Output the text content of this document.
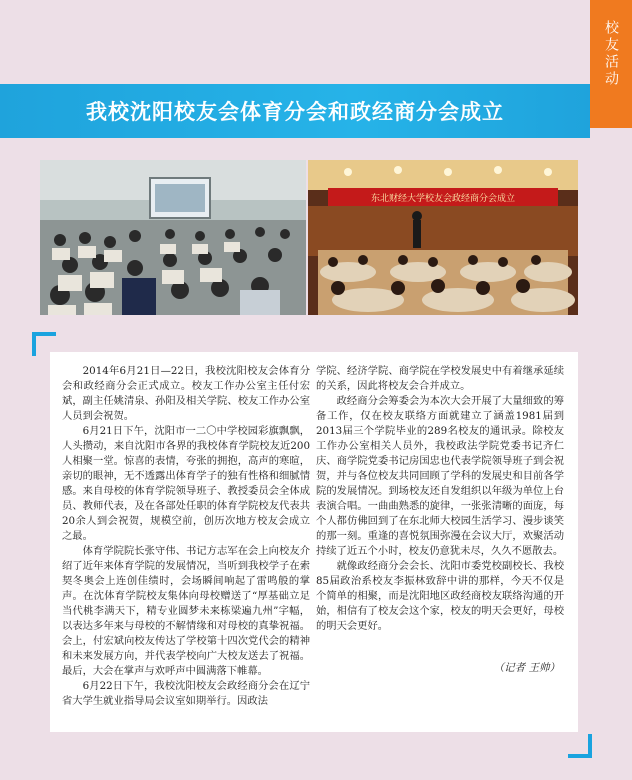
校友活动
我校沈阳校友会体育分会和政经商分会成立
东北财经大学校友会政经商分会成立

2014年6月21日—22日，我校沈阳校友会体育分会和政经商分会正式成立。校友工作办公室主任付宏斌，副主任姚清泉、孙阳及相关学院、校友工作办公室人员到会祝贺。

6月21日下午，沈阳市一二〇中学校园彩旗飘飘，人头攒动，来自沈阳市各界的我校体育学院校友近200人相聚一堂。惊喜的表情，夸张的拥抱，高声的寒暄，亲切的眼神，无不透露出体育学子的独有性格和细腻情感。来自母校的体育学院领导班子、教授委员会全体成员、教师代表，及在各部处任职的体育学院校友代表共20余人到会祝贺，规模空前，创历次地方校友会成立之最。

体育学院院长张守伟、书记方志军在会上向校友介绍了近年来体育学院的发展情况，当听到我校学子在索契冬奥会上连创佳绩时，会场瞬间响起了雷鸣般的掌声。在沈体育学院校友集体向母校赠送了“厚基础立足当代桃李满天下，精专业圆梦未来栋梁遍九州”字幅，以表达多年来与母校的不解情缘和对母校的真挚祝福。会上，付宏斌向校友传达了学校第十四次党代会的精神和未来发展方向，并代表学校向广大校友送去了祝福。最后，大会在掌声与欢呼声中圆满落下帷幕。

6月22日下午，我校沈阳校友会政经商分会在辽宁省大学生就业指导局会议室如期举行。因政法

学院、经济学院、商学院在学校发展史中有着继承延续的关系，因此将校友会合并成立。

政经商分会筹委会为本次大会开展了大量细致的筹备工作，仅在校友联络方面就建立了涵盖1981届到2013届三个学院毕业的289名校友的通讯录。除校友工作办公室相关人员外，我校政法学院党委书记齐仁庆、商学院党委书记房国忠也代表学院领导班子到会祝贺，并与各位校友共同回顾了学科的发展史和目前各学院的发展情况。到场校友还自发组织以年级为单位上台表演合唱。一曲曲熟悉的旋律，一张张清晰的面庞，每个人都仿佛回到了在东北师大校园生活学习、漫步谈笑的那一刻。重逢的喜悦氛围弥漫在会议大厅，欢聚活动持续了近五个小时，校友仍意犹未尽，久久不愿散去。

就像政经商分会会长、沈阳市委党校副校长、我校85届政治系校友李振林致辞中讲的那样，今天不仅是个简单的相聚，而是沈阳地区政经商校友联络沟通的开始，相信有了校友会这个家，校友的明天会更好，母校的明天会更好。

（记者 王帅）
